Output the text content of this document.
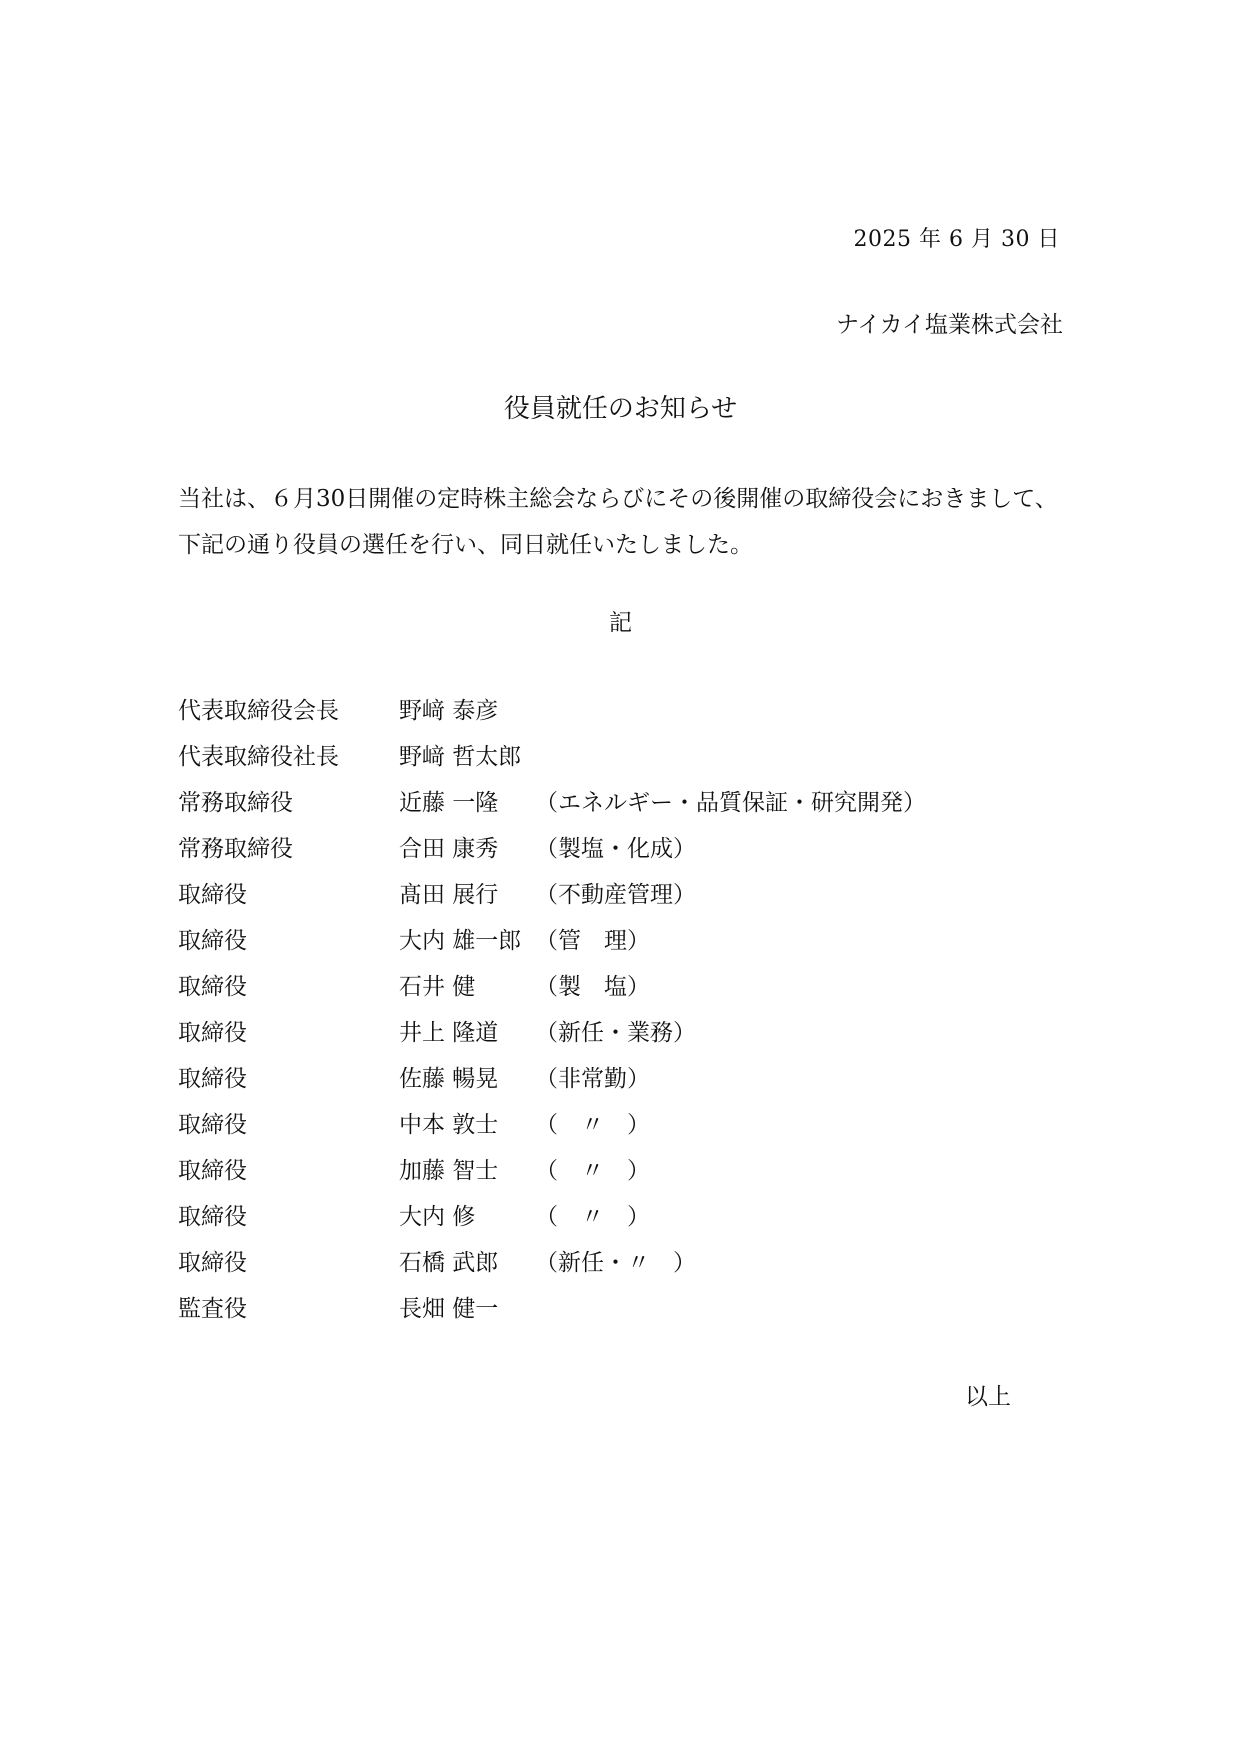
2025 年 6 月 30 日
ナイカイ塩業株式会社
役員就任のお知らせ

当社は、６月30日開催の定時株主総会ならびにその後開催の取締役会におきまして、

下記の通り役員の選任を行い、同日就任いたしました。

記
代表取締役会長	野﨑 泰彦
代表取締役社長	野﨑 哲太郎
常務取締役	近藤 一隆 （エネルギー・品質保証・研究開発）
常務取締役	合田 康秀 （製塩・化成）
取締役	髙田 展行 （不動産管理）
取締役	大内 雄一郎 （管　理）
取締役	石井 健	（製　塩）
取締役	井上 隆道 （新任・業務）
取締役	佐藤 暢晃 （非常勤）
取締役	中本 敦士 （　〃　）
取締役	加藤 智士 （　〃　）
取締役	大内 修	（　〃　）
取締役	石橋 武郎 （新任・〃　）
監査役	長畑 健一
以上
